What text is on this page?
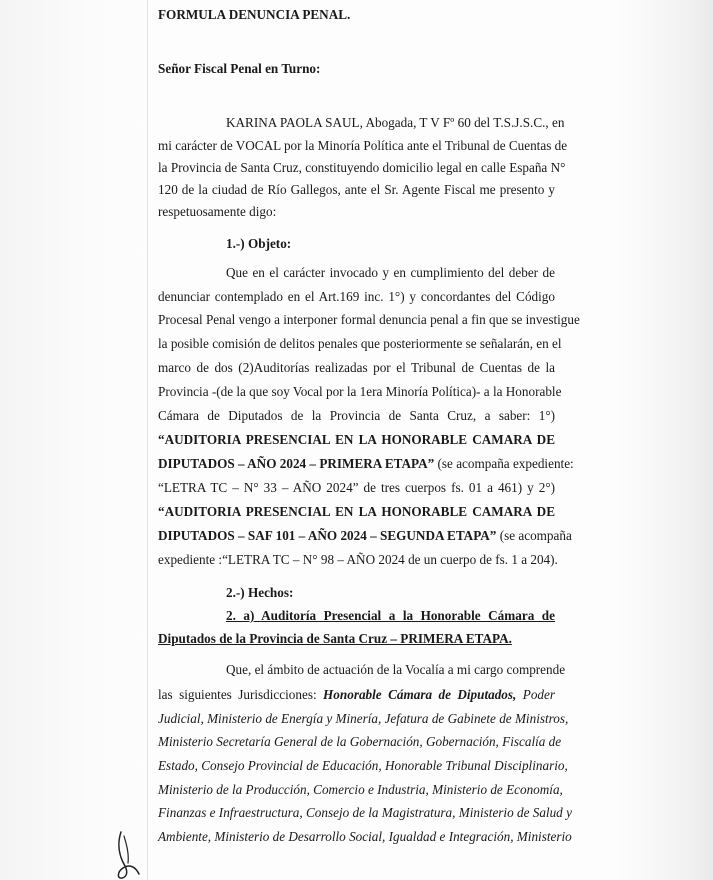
FORMULA DENUNCIA PENAL.
Señor Fiscal Penal en Turno:
KARINA PAOLA SAUL, Abogada, T V Fº 60 del T.S.J.S.C., en
mi carácter de VOCAL por la Minoría Política ante el Tribunal de Cuentas de
la Provincia de Santa Cruz, constituyendo domicilio legal en calle España N°
120 de la ciudad de Río Gallegos, ante el Sr. Agente Fiscal me presento y
respetuosamente digo:
1.-) Objeto:
Que en el carácter invocado y en cumplimiento del deber de
denunciar contemplado en el Art.169 inc. 1°) y concordantes del Código
Procesal Penal vengo a interponer formal denuncia penal a fin que se investigue
la posible comisión de delitos penales que posteriormente se señalarán, en el
marco de dos (2)Auditorías realizadas por el Tribunal de Cuentas de la
Provincia -(de la que soy Vocal por la 1era Minoría Política)- a la Honorable
Cámara de Diputados de la Provincia de Santa Cruz, a saber: 1°)
“AUDITORIA PRESENCIAL EN LA HONORABLE CAMARA DE
DIPUTADOS – AÑO 2024 – PRIMERA ETAPA” (se acompaña expediente:
“LETRA TC – N° 33 – AÑO 2024” de tres cuerpos fs. 01 a 461) y 2°)
“AUDITORIA PRESENCIAL EN LA HONORABLE CAMARA DE
DIPUTADOS – SAF 101 – AÑO 2024 – SEGUNDA ETAPA” (se acompaña
expediente :“LETRA TC – N° 98 – AÑO 2024 de un cuerpo de fs. 1 a 204).
2.-) Hechos:
2. a) Auditoría Presencial a la Honorable Cámara de
Diputados de la Provincia de Santa Cruz – PRIMERA ETAPA.
Que, el ámbito de actuación de la Vocalía a mi cargo comprende
las siguientes Jurisdicciones: Honorable Cámara de Diputados, Poder
Judicial, Ministerio de Energía y Minería, Jefatura de Gabinete de Ministros,
Ministerio Secretaría General de la Gobernación, Gobernación, Fiscalía de
Estado, Consejo Provincial de Educación, Honorable Tribunal Disciplinario,
Ministerio de la Producción, Comercio e Industria, Ministerio de Economía,
Finanzas e Infraestructura, Consejo de la Magistratura, Ministerio de Salud y
Ambiente, Ministerio de Desarrollo Social, Igualdad e Integración, Ministerio
